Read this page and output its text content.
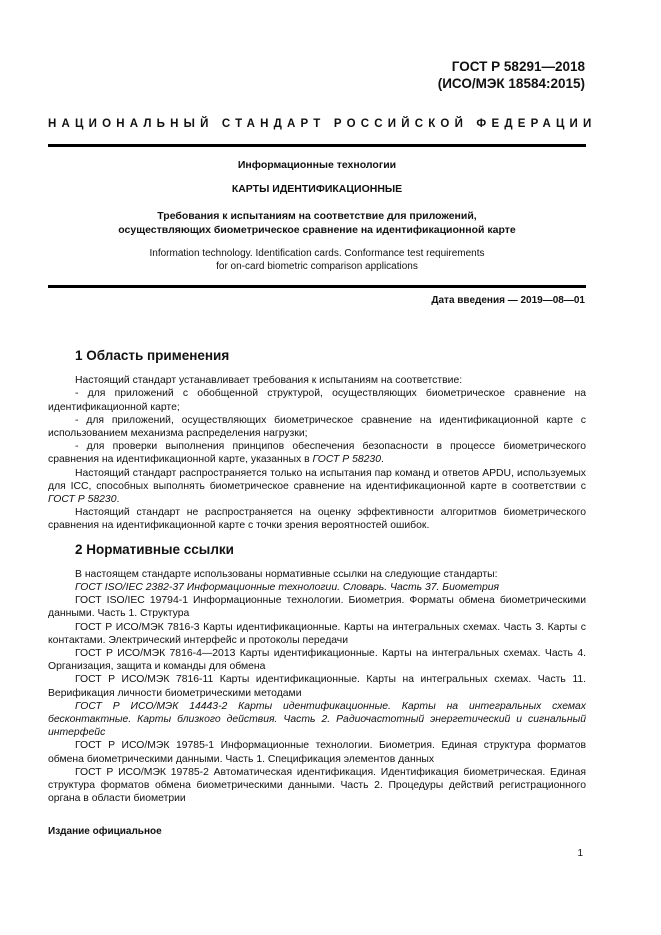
ГОСТ Р 58291—2018
(ИСО/МЭК 18584:2015)
НАЦИОНАЛЬНЫЙ СТАНДАРТ РОССИЙСКОЙ ФЕДЕРАЦИИ
Информационные технологии
КАРТЫ ИДЕНТИФИКАЦИОННЫЕ
Требования к испытаниям на соответствие для приложений,
осуществляющих биометрическое сравнение на идентификационной карте
Information technology. Identification cards. Conformance test requirements
for on-card biometric comparison applications
Дата введения — 2019—08—01
1 Область применения

Настоящий стандарт устанавливает требования к испытаниям на соответствие:

- для приложений с обобщенной структурой, осуществляющих биометрическое сравнение на идентификационной карте;

- для приложений, осуществляющих биометрическое сравнение на идентификационной карте с использованием механизма распределения нагрузки;

- для проверки выполнения принципов обеспечения безопасности в процессе биометрического сравнения на идентификационной карте, указанных в ГОСТ Р 58230.

Настоящий стандарт распространяется только на испытания пар команд и ответов APDU, используемых для ICC, способных выполнять биометрическое сравнение на идентификационной карте в соответствии с ГОСТ Р 58230.

Настоящий стандарт не распространяется на оценку эффективности алгоритмов биометрического сравнения на идентификационной карте с точки зрения вероятностей ошибок.

2 Нормативные ссылки

В настоящем стандарте использованы нормативные ссылки на следующие стандарты:

ГОСТ ISO/IEC 2382-37 Информационные технологии. Словарь. Часть 37. Биометрия

ГОСТ ISO/IEC 19794-1 Информационные технологии. Биометрия. Форматы обмена биометрическими данными. Часть 1. Структура

ГОСТ Р ИСО/МЭК 7816-3 Карты идентификационные. Карты на интегральных схемах. Часть 3. Карты с контактами. Электрический интерфейс и протоколы передачи

ГОСТ Р ИСО/МЭК 7816-4—2013 Карты идентификационные. Карты на интегральных схемах. Часть 4. Организация, защита и команды для обмена

ГОСТ Р ИСО/МЭК 7816-11 Карты идентификационные. Карты на интегральных схемах. Часть 11. Верификация личности биометрическими методами

ГОСТ Р ИСО/МЭК 14443-2 Карты идентификационные. Карты на интегральных схемах бесконтактные. Карты близкого действия. Часть 2. Радиочастотный энергетический и сигнальный интерфейс

ГОСТ Р ИСО/МЭК 19785-1 Информационные технологии. Биометрия. Единая структура форматов обмена биометрическими данными. Часть 1. Спецификация элементов данных

ГОСТ Р ИСО/МЭК 19785-2 Автоматическая идентификация. Идентификация биометрическая. Единая структура форматов обмена биометрическими данными. Часть 2. Процедуры действий регистрационного органа в области биометрии

Издание официальное
1
